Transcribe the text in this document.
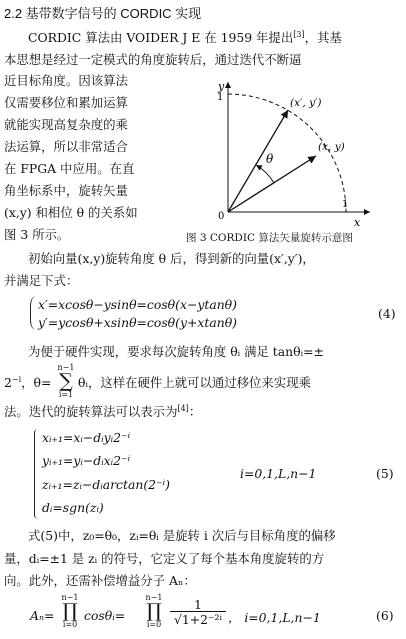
2.2 基带数字信号的 CORDIC 实现
CORDIC 算法由 VOIDER J E 在 1959 年提出[3]，其基
本思想是经过一定模式的角度旋转后，通过迭代不断逼
近目标角度。因该算法
仅需要移位和累加运算
就能实现高复杂度的乘
法运算，所以非常适合
在 FPGA 中应用。在直
角坐标系中，旋转矢量
(x,y) 和相位 θ 的关系如
图 3 所示。
y
1	(x′, y′)
(x, y)
θ
0
1
x
图 3 CORDIC 算法矢量旋转示意图
初始向量(x,y)旋转角度 θ 后，得到新的向量(x′,y′)，
并满足下式：
x′=xcosθ−ysinθ=cosθ(x−ytanθ)
y′=ycosθ+xsinθ=cosθ(y+xtanθ)
(4)
为便于硬件实现，要求每次旋转角度 θᵢ 满足 tanθᵢ=±
$2^{-i}$，θ=
n−1
∑
i=1
θᵢ，这样在硬件上就可以通过移位来实现乘
法。迭代的旋转算法可以表示为[4]：
xᵢ₊₁=xᵢ−dᵢyᵢ2⁻ⁱ
yᵢ₊₁=yᵢ−dᵢxᵢ2⁻ⁱ
zᵢ₊₁=zᵢ−dᵢarctan(2⁻ⁱ)
dᵢ=sgn(zᵢ)
i=0,1,L,n−1	(5)
式(5)中，z₀=θ₀，zᵢ=θᵢ 是旋转 i 次后与目标角度的偏移
量，dᵢ=±1 是 zᵢ 的符号，它定义了每个基本角度旋转的方
向。此外，还需补偿增益分子 Aₙ：
Aₙ=
n−1
∏
i=0
cosθᵢ=
n−1
∏
$i=0 \frac{1}{\text{√1+2⁻²ⁱ}}$ ， i=0,1,L,n−1	(6)
